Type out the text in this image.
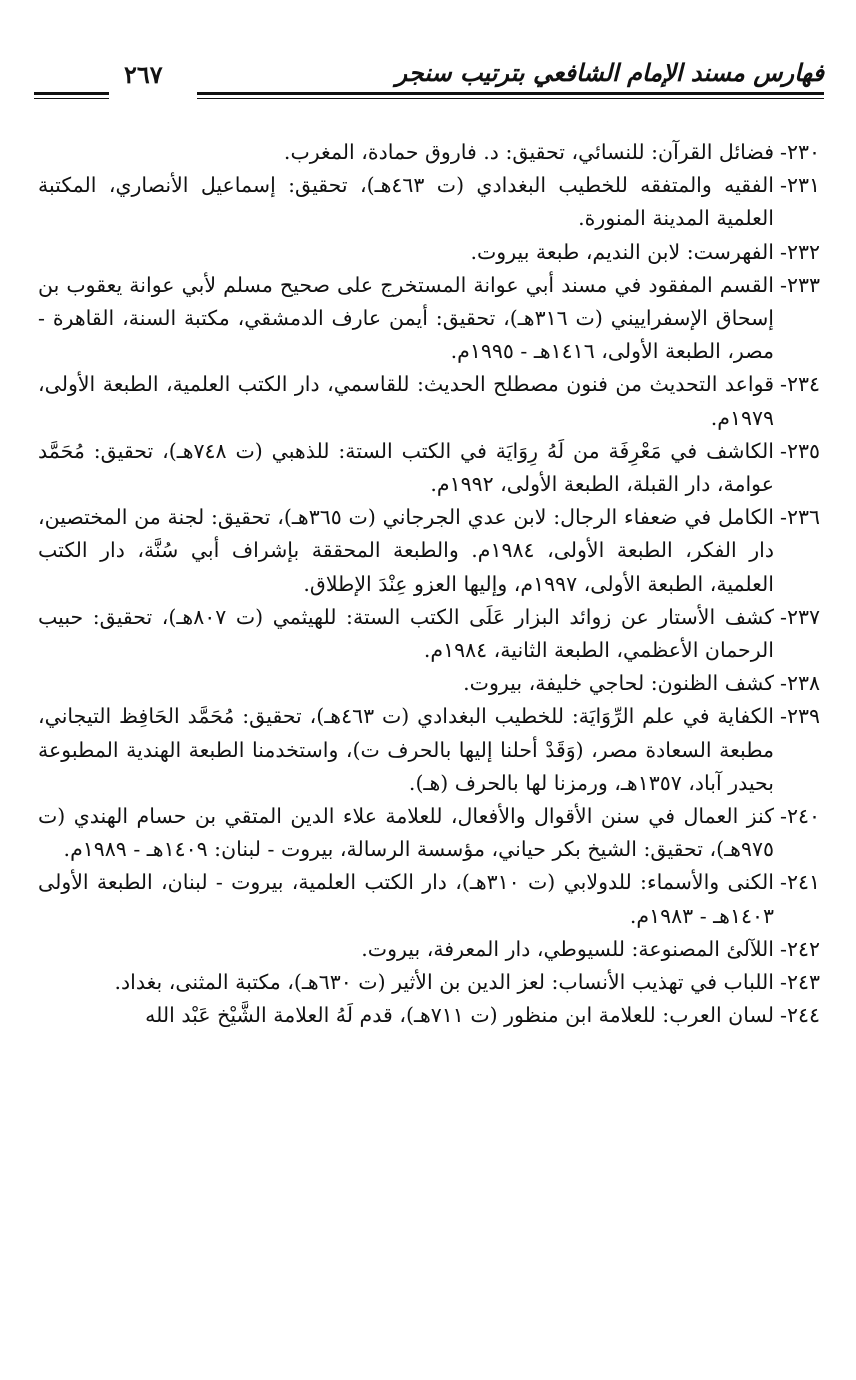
فهارس مسند الإمام الشافعي بترتيب سنجر
٢٦٧
٢٣٠-
فضائل القرآن: للنسائي، تحقيق: د. فاروق حمادة، المغرب.
٢٣١-
الفقيه والمتفقه للخطيب البغدادي (ت ٤٦٣هـ)، تحقيق: إسماعيل الأنصاري، المكتبة العلمية المدينة المنورة.
٢٣٢-
الفهرست: لابن النديم، طبعة بيروت.
٢٣٣-
القسم المفقود في مسند أبي عوانة المستخرج على صحيح مسلم لأبي عوانة يعقوب بن إسحاق الإسفراييني (ت ٣١٦هـ)، تحقيق: أيمن عارف الدمشقي، مكتبة السنة، القاهرة - مصر، الطبعة الأولى، ١٤١٦هـ - ١٩٩٥م.
٢٣٤-
قواعد التحديث من فنون مصطلح الحديث: للقاسمي، دار الكتب العلمية، الطبعة الأولى، ١٩٧٩م.
٢٣٥-
الكاشف في مَعْرِفَة من لَهُ رِوَايَة في الكتب الستة: للذهبي (ت ٧٤٨هـ)، تحقيق: مُحَمَّد عوامة، دار القبلة، الطبعة الأولى، ١٩٩٢م.
٢٣٦-
الكامل في ضعفاء الرجال: لابن عدي الجرجاني (ت ٣٦٥هـ)، تحقيق: لجنة من المختصين، دار الفكر، الطبعة الأولى، ١٩٨٤م. والطبعة المحققة بإشراف أبي سُنَّة، دار الكتب العلمية، الطبعة الأولى، ١٩٩٧م، وإليها العزو عِنْدَ الإطلاق.
٢٣٧-
كشف الأستار عن زوائد البزار عَلَى الكتب الستة: للهيثمي (ت ٨٠٧هـ)، تحقيق: حبيب الرحمان الأعظمي، الطبعة الثانية، ١٩٨٤م.
٢٣٨-
كشف الظنون: لحاجي خليفة، بيروت.
٢٣٩-
الكفاية في علم الرِّوَايَة: للخطيب البغدادي (ت ٤٦٣هـ)، تحقيق: مُحَمَّد الحَافِظ التيجاني، مطبعة السعادة مصر، (وَقَدْ أحلنا إليها بالحرف ت)، واستخدمنا الطبعة الهندية المطبوعة بحيدر آباد، ١٣٥٧هـ، ورمزنا لها بالحرف (هـ).
٢٤٠-
كنز العمال في سنن الأقوال والأفعال، للعلامة علاء الدين المتقي بن حسام الهندي (ت ٩٧٥هـ)، تحقيق: الشيخ بكر حياني، مؤسسة الرسالة، بيروت - لبنان: ١٤٠٩هـ - ١٩٨٩م.
٢٤١-
الكنى والأسماء: للدولابي (ت ٣١٠هـ)، دار الكتب العلمية، بيروت - لبنان، الطبعة الأولى ١٤٠٣هـ - ١٩٨٣م.
٢٤٢-
اللآلئ المصنوعة: للسيوطي، دار المعرفة، بيروت.
٢٤٣-
اللباب في تهذيب الأنساب: لعز الدين بن الأثير (ت ٦٣٠هـ)، مكتبة المثنى، بغداد.
٢٤٤-
لسان العرب: للعلامة ابن منظور (ت ٧١١هـ)، قدم لَهُ العلامة الشَّيْخ عَبْد الله
